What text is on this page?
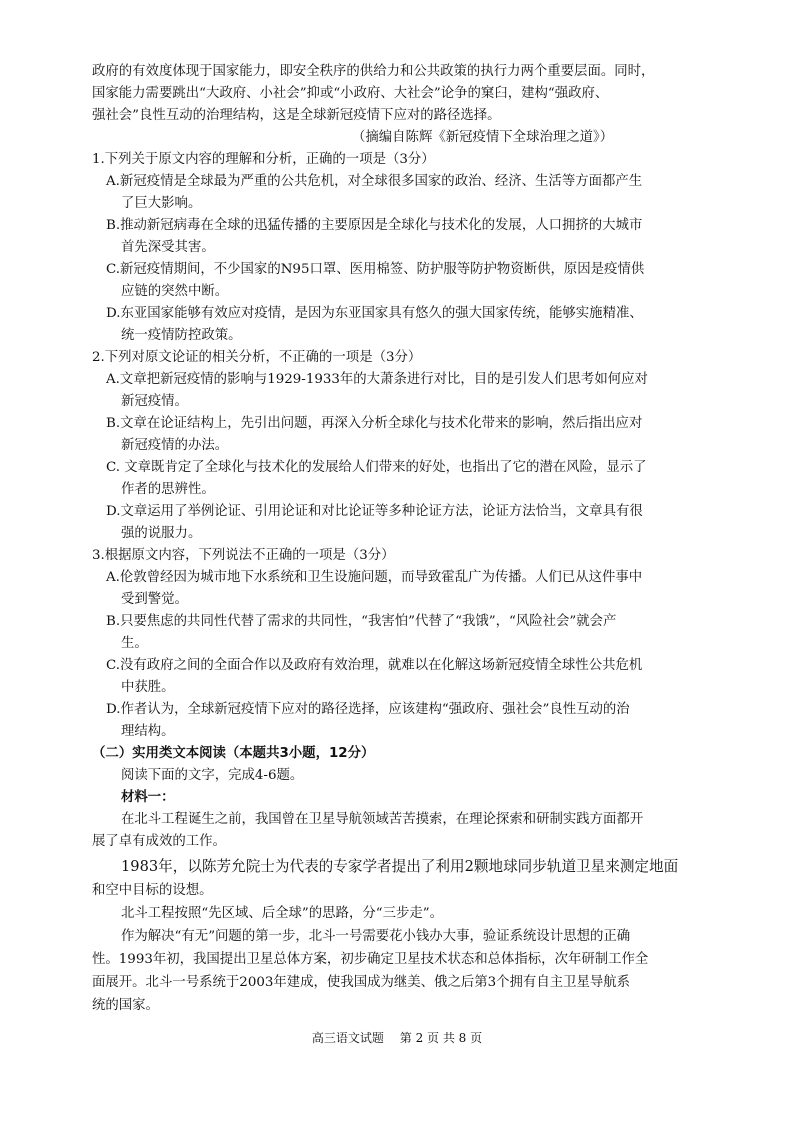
政府的有效度体现于国家能力，即安全秩序的供给力和公共政策的执行力两个重要层面。同时，
国家能力需要跳出“大政府、小社会”抑或“小政府、大社会”论争的窠臼，建构“强政府、
强社会”良性互动的治理结构，这是全球新冠疫情下应对的路径选择。
（摘编自陈辉《新冠疫情下全球治理之道》）
1.下列关于原文内容的理解和分析，正确的一项是（3分）
A.新冠疫情是全球最为严重的公共危机，对全球很多国家的政治、经济、生活等方面都产生
了巨大影响。
B.推动新冠病毒在全球的迅猛传播的主要原因是全球化与技术化的发展，人口拥挤的大城市
首先深受其害。
C.新冠疫情期间，不少国家的N95口罩、医用棉签、防护服等防护物资断供，原因是疫情供
应链的突然中断。
D.东亚国家能够有效应对疫情，是因为东亚国家具有悠久的强大国家传统，能够实施精准、
统一疫情防控政策。
2.下列对原文论证的相关分析，不正确的一项是（3分）
A.文章把新冠疫情的影响与1929-1933年的大萧条进行对比，目的是引发人们思考如何应对
新冠疫情。
B.文章在论证结构上，先引出问题，再深入分析全球化与技术化带来的影响，然后指出应对
新冠疫情的办法。
C. 文章既肯定了全球化与技术化的发展给人们带来的好处，也指出了它的潜在风险，显示了
作者的思辨性。
D.文章运用了举例论证、引用论证和对比论证等多种论证方法，论证方法恰当，文章具有很
强的说服力。
3.根据原文内容，下列说法不正确的一项是（3分）
A.伦敦曾经因为城市地下水系统和卫生设施问题，而导致霍乱广为传播。人们已从这件事中
受到警觉。
B.只要焦虑的共同性代替了需求的共同性，“我害怕”代替了“我饿”，“风险社会”就会产
生。
C.没有政府之间的全面合作以及政府有效治理，就难以在化解这场新冠疫情全球性公共危机
中获胜。
D.作者认为，全球新冠疫情下应对的路径选择，应该建构“强政府、强社会”良性互动的治
理结构。
（二）实用类文本阅读（本题共3小题，12分）
阅读下面的文字，完成4-6题。
材料一：
在北斗工程诞生之前，我国曾在卫星导航领域苦苦摸索，在理论探索和研制实践方面都开
展了卓有成效的工作。
1983年，以陈芳允院士为代表的专家学者提出了利用2颗地球同步轨道卫星来测定地面
和空中目标的设想。
北斗工程按照“先区域、后全球”的思路，分“三步走”。
作为解决“有无”问题的第一步，北斗一号需要花小钱办大事，验证系统设计思想的正确
性。1993年初，我国提出卫星总体方案，初步确定卫星技术状态和总体指标，次年研制工作全
面展开。北斗一号系统于2003年建成，使我国成为继美、俄之后第3个拥有自主卫星导航系
统的国家。
高三语文试题 第 2 页 共 8 页
